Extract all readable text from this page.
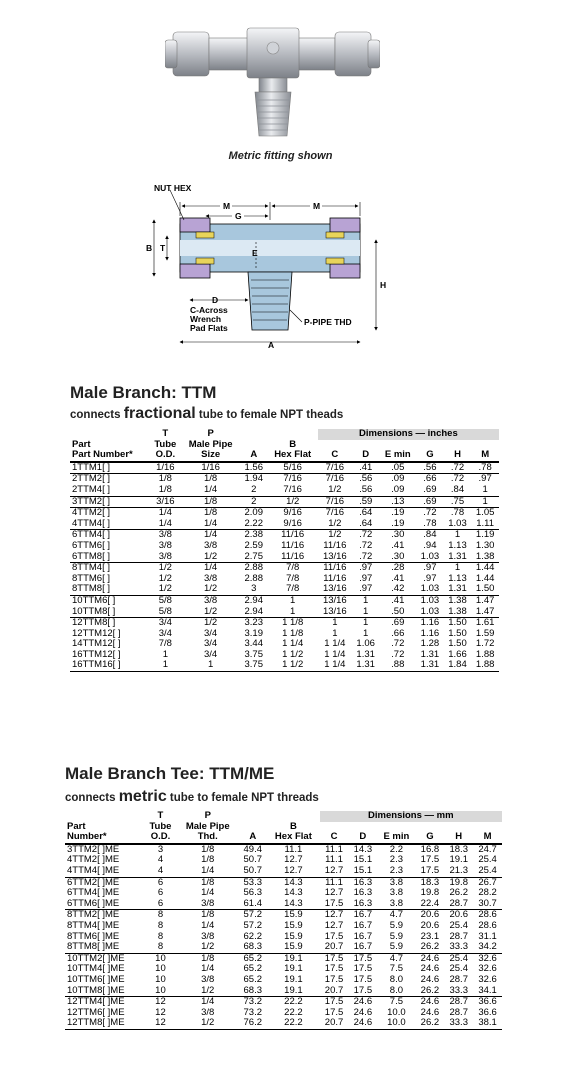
Metric fitting shown
NUT HEX
M	M
G
B T	E
H
D
C-Across
Wrench
Pad Flats
P-PIPE THD
A
Male Branch: TTM
connects fractional tube to female NPT theads
	T	P			Dimensions — inches					
Part	Tube	Male Pipe		B						
Part Number*	O.D.	Size	A	Hex Flat	C	D	E min	G	H	M
1TTM1[ ]	1/16	1/16	1.56	5/16	7/16	.41	.05	.56	.72	.78
2TTM2[ ]	1/8	1/8	1.94	7/16	7/16	.56	.09	.66	.72	.97
2TTM4[ ]	1/8	1/4	2	7/16	1/2	.56	.09	.69	.84	1
3TTM2[ ]	3/16	1/8	2	1/2	7/16	.59	.13	.69	.75	1
4TTM2[ ]	1/4	1/8	2.09	9/16	7/16	.64	.19	.72	.78	1.05
4TTM4[ ]	1/4	1/4	2.22	9/16	1/2	.64	.19	.78	1.03	1.11
6TTM4[ ]	3/8	1/4	2.38	11/16	1/2	.72	.30	.84	1	1.19
6TTM6[ ]	3/8	3/8	2.59	11/16	11/16	.72	.41	.94	1.13	1.30
6TTM8[ ]	3/8	1/2	2.75	11/16	13/16	.72	.30	1.03	1.31	1.38
8TTM4[ ]	1/2	1/4	2.88	7/8	11/16	.97	.28	.97	1	1.44
8TTM6[ ]	1/2	3/8	2.88	7/8	11/16	.97	.41	.97	1.13	1.44
8TTM8[ ]	1/2	1/2	3	7/8	13/16	.97	.42	1.03	1.31	1.50
10TTM6[ ]	5/8	3/8	2.94	1	13/16	1	.41	1.03	1.38	1.47
10TTM8[ ]	5/8	1/2	2.94	1	13/16	1	.50	1.03	1.38	1.47
12TTM8[ ]	3/4	1/2	3.23	1 1/8	1	1	.69	1.16	1.50	1.61
12TTM12[ ]	3/4	3/4	3.19	1 1/8	1	1	.66	1.16	1.50	1.59
14TTM12[ ]	7/8	3/4	3.44	1 1/4	1 1/4	1.06	.72	1.28	1.50	1.72
16TTM12[ ]	1	3/4	3.75	1 1/2	1 1/4	1.31	.72	1.31	1.66	1.88
16TTM16[ ]	1	1	3.75	1 1/2	1 1/4	1.31	.88	1.31	1.84	1.88
Male Branch Tee: TTM/ME
connects metric tube to female NPT threads
	T	P			Dimensions — mm					
Part	Tube	Male Pipe		B						
Number*	O.D.	Thd.	A	Hex Flat	C	D	E min	G	H	M
3TTM2[ ]ME	3	1/8	49.4	11.1	11.1	14.3	2.2	16.8	18.3	24.7
4TTM2[ ]ME	4	1/8	50.7	12.7	11.1	15.1	2.3	17.5	19.1	25.4
4TTM4[ ]ME	4	1/4	50.7	12.7	12.7	15.1	2.3	17.5	21.3	25.4
6TTM2[ ]ME	6	1/8	53.3	14.3	11.1	16.3	3.8	18.3	19.8	26.7
6TTM4[ ]ME	6	1/4	56.3	14.3	12.7	16.3	3.8	19.8	26.2	28.2
6TTM6[ ]ME	6	3/8	61.4	14.3	17.5	16.3	3.8	22.4	28.7	30.7
8TTM2[ ]ME	8	1/8	57.2	15.9	12.7	16.7	4.7	20.6	20.6	28.6
8TTM4[ ]ME	8	1/4	57.2	15.9	12.7	16.7	5.9	20.6	25.4	28.6
8TTM6[ ]ME	8	3/8	62.2	15.9	17.5	16.7	5.9	23.1	28.7	31.1
8TTM8[ ]ME	8	1/2	68.3	15.9	20.7	16.7	5.9	26.2	33.3	34.2
10TTM2[ ]ME	10	1/8	65.2	19.1	17.5	17.5	4.7	24.6	25.4	32.6
10TTM4[ ]ME	10	1/4	65.2	19.1	17.5	17.5	7.5	24.6	25.4	32.6
10TTM6[ ]ME	10	3/8	65.2	19.1	17.5	17.5	8.0	24.6	28.7	32.6
10TTM8[ ]ME	10	1/2	68.3	19.1	20.7	17.5	8.0	26.2	33.3	34.1
12TTM4[ ]ME	12	1/4	73.2	22.2	17.5	24.6	7.5	24.6	28.7	36.6
12TTM6[ ]ME	12	3/8	73.2	22.2	17.5	24.6	10.0	24.6	28.7	36.6
12TTM8[ ]ME	12	1/2	76.2	22.2	20.7	24.6	10.0	26.2	33.3	38.1
